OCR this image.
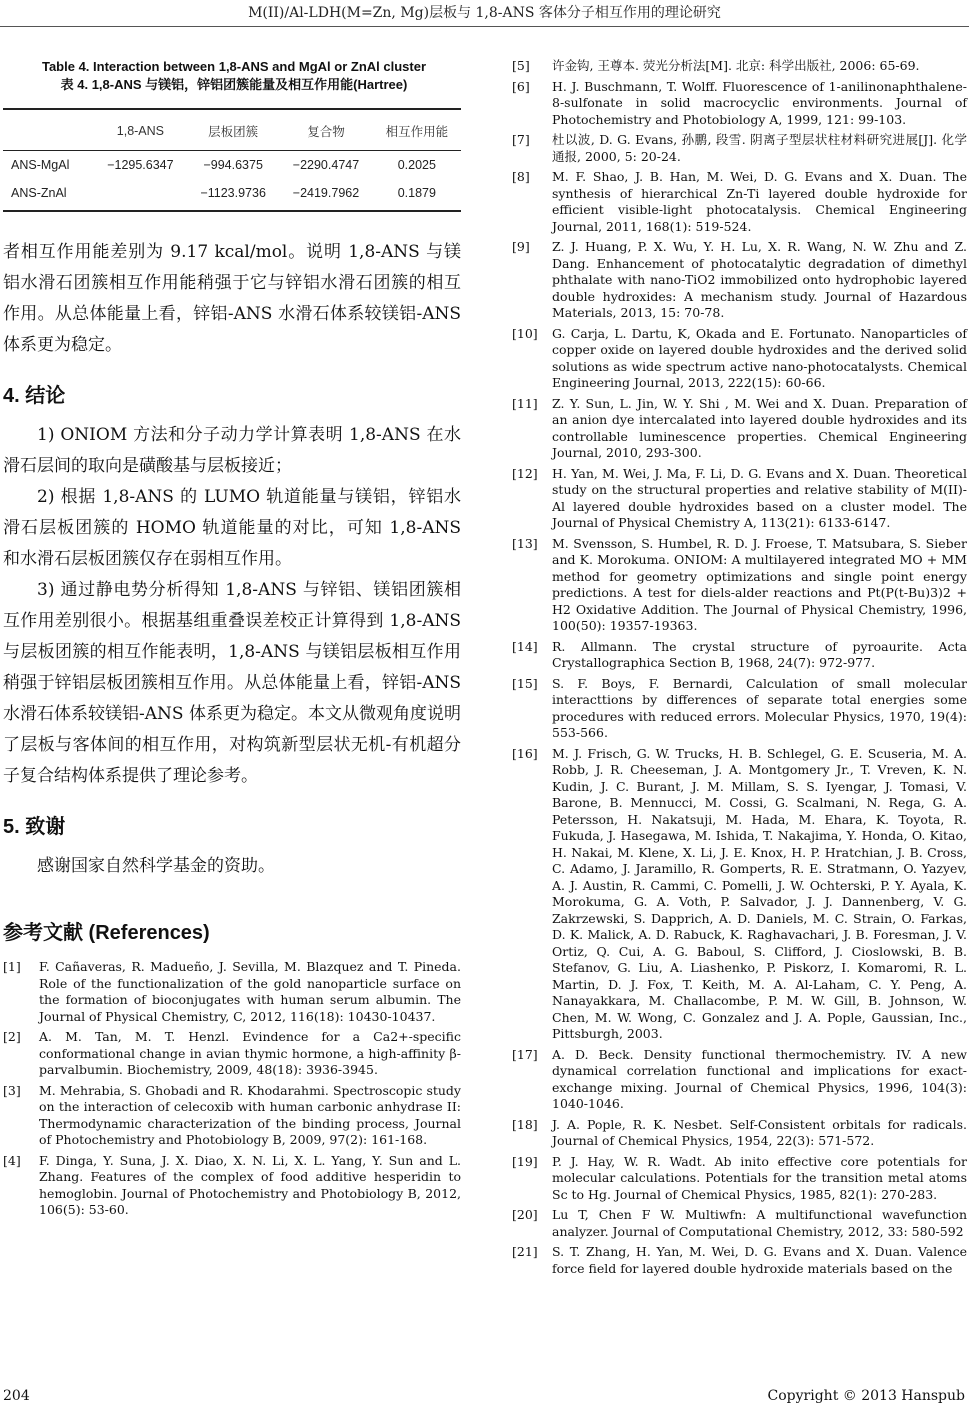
M(II)/Al-LDH(M=Zn, Mg)层板与 1,8-ANS 客体分子相互作用的理论研究
Table 4. Interaction between 1,8-ANS and MgAl or ZnAl cluster
表 4. 1,8-ANS 与镁铝，锌铝团簇能量及相互作用能(Hartree)
	1,8-ANS	层板团簇	复合物	相互作用能
ANS-MgAl	−1295.6347	−994.6375	−2290.4747	0.2025
ANS-ZnAl		−1123.9736	−2419.7962	0.1879

者相互作用能差别为 9.17 kcal/mol。说明 1,8-ANS 与镁铝水滑石团簇相互作用能稍强于它与锌铝水滑石团簇的相互作用。从总体能量上看，锌铝-ANS 水滑石体系较镁铝-ANS 体系更为稳定。

4. 结论

1) ONIOM 方法和分子动力学计算表明 1,8-ANS 在水滑石层间的取向是磺酸基与层板接近；

2) 根据 1,8-ANS 的 LUMO 轨道能量与镁铝，锌铝水滑石层板团簇的 HOMO 轨道能量的对比，可知 1,8-ANS 和水滑石层板团簇仅存在弱相互作用。

3) 通过静电势分析得知 1,8-ANS 与锌铝、镁铝团簇相互作用差别很小。根据基组重叠误差校正计算得到 1,8-ANS 与层板团簇的相互作能表明，1,8-ANS 与镁铝层板相互作用稍强于锌铝层板团簇相互作用。从总体能量上看，锌铝-ANS 水滑石体系较镁铝-ANS 体系更为稳定。本文从微观角度说明了层板与客体间的相互作用，对构筑新型层状无机-有机超分子复合结构体系提供了理论参考。

5. 致谢

感谢国家自然科学基金的资助。

参考文献 (References)
[1]	F. Cañaveras, R. Madueño, J. Sevilla, M. Blazquez and T. Pineda. Role of the functionalization of the gold nanoparticle surface on the formation of bioconjugates with human serum albumin. The Journal of Physical Chemistry, C, 2012, 116(18): 10430-10437.
[2]	A. M. Tan, M. T. Henzl. Evindence for a Ca2+-specific conformational change in avian thymic hormone, a high-affinity β-parvalbumin. Biochemistry, 2009, 48(18): 3936-3945.
[3]	M. Mehrabia, S. Ghobadi and R. Khodarahmi. Spectroscopic study on the interaction of celecoxib with human carbonic anhydrase II: Thermodynamic characterization of the binding process, Journal of Photochemistry and Photobiology B, 2009, 97(2): 161-168.
[4]	F. Dinga, Y. Suna, J. X. Diao, X. N. Li, X. L. Yang, Y. Sun and L. Zhang. Features of the complex of food additive hesperidin to hemoglobin. Journal of Photochemistry and Photobiology B, 2012, 106(5): 53-60.
[5]	许金钩, 王尊本. 荧光分析法[M]. 北京: 科学出版社, 2006: 65-69.
[6]	H. J. Buschmann, T. Wolff. Fluorescence of 1-anilinonaphthalene-8-sulfonate in solid macrocyclic environments. Journal of Photochemistry and Photobiology A, 1999, 121: 99-103.
[7]	杜以波, D. G. Evans, 孙鹏, 段雪. 阴离子型层状柱材料研究进展[J]. 化学通报, 2000, 5: 20-24.
[8]	M. F. Shao, J. B. Han, M. Wei, D. G. Evans and X. Duan. The synthesis of hierarchical Zn-Ti layered double hydroxide for efficient visible-light photocatalysis. Chemical Engineering Journal, 2011, 168(1): 519-524.
[9]	Z. J. Huang, P. X. Wu, Y. H. Lu, X. R. Wang, N. W. Zhu and Z. Dang. Enhancement of photocatalytic degradation of dimethyl phthalate with nano-TiO2 immobilized onto hydrophobic layered double hydroxides: A mechanism study. Journal of Hazardous Materials, 2013, 15: 70-78.
[10]	G. Carja, L. Dartu, K, Okada and E. Fortunato. Nanoparticles of copper oxide on layered double hydroxides and the derived solid solutions as wide spectrum active nano-photocatalysts. Chemical Engineering Journal, 2013, 222(15): 60-66.
[11]	Z. Y. Sun, L. Jin, W. Y. Shi , M. Wei and X. Duan. Preparation of an anion dye intercalated into layered double hydroxides and its controllable luminescence properties. Chemical Engineering Journal, 2010, 293-300.
[12]	H. Yan, M. Wei, J. Ma, F. Li, D. G. Evans and X. Duan. Theoretical study on the structural properties and relative stability of M(II)-Al layered double hydroxides based on a cluster model. The Journal of Physical Chemistry A, 113(21): 6133-6147.
[13]	M. Svensson, S. Humbel, R. D. J. Froese, T. Matsubara, S. Sieber and K. Morokuma. ONIOM: A multilayered integrated MO + MM method for geometry optimizations and single point energy predictions. A test for diels-alder reactions and Pt(P(t-Bu)3)2 + H2 Oxidative Addition. The Journal of Physical Chemistry, 1996, 100(50): 19357-19363.
[14]	R. Allmann. The crystal structure of pyroaurite. Acta Crystallographica Section B, 1968, 24(7): 972-977.
[15]	S. F. Boys, F. Bernardi, Calculation of small molecular interacttions by differences of separate total energies some procedures with reduced errors. Molecular Physics, 1970, 19(4): 553-566.
[16]	M. J. Frisch, G. W. Trucks, H. B. Schlegel, G. E. Scuseria, M. A. Robb, J. R. Cheeseman, J. A. Montgomery Jr., T. Vreven, K. N. Kudin, J. C. Burant, J. M. Millam, S. S. Iyengar, J. Tomasi, V. Barone, B. Mennucci, M. Cossi, G. Scalmani, N. Rega, G. A. Petersson, H. Nakatsuji, M. Hada, M. Ehara, K. Toyota, R. Fukuda, J. Hasegawa, M. Ishida, T. Nakajima, Y. Honda, O. Kitao, H. Nakai, M. Klene, X. Li, J. E. Knox, H. P. Hratchian, J. B. Cross, C. Adamo, J. Jaramillo, R. Gomperts, R. E. Stratmann, O. Yazyev, A. J. Austin, R. Cammi, C. Pomelli, J. W. Ochterski, P. Y. Ayala, K. Morokuma, G. A. Voth, P. Salvador, J. J. Dannenberg, V. G. Zakrzewski, S. Dapprich, A. D. Daniels, M. C. Strain, O. Farkas, D. K. Malick, A. D. Rabuck, K. Raghavachari, J. B. Foresman, J. V. Ortiz, Q. Cui, A. G. Baboul, S. Clifford, J. Cioslowski, B. B. Stefanov, G. Liu, A. Liashenko, P. Piskorz, I. Komaromi, R. L. Martin, D. J. Fox, T. Keith, M. A. Al-Laham, C. Y. Peng, A. Nanayakkara, M. Challacombe, P. M. W. Gill, B. Johnson, W. Chen, M. W. Wong, C. Gonzalez and J. A. Pople, Gaussian, Inc., Pittsburgh, 2003.
[17]	A. D. Beck. Density functional thermochemistry. IV. A new dynamical correlation functional and implications for exact-exchange mixing. Journal of Chemical Physics, 1996, 104(3): 1040-1046.
[18]	J. A. Pople, R. K. Nesbet. Self-Consistent orbitals for radicals. Journal of Chemical Physics, 1954, 22(3): 571-572.
[19]	P. J. Hay, W. R. Wadt. Ab inito effective core potentials for molecular calculations. Potentials for the transition metal atoms Sc to Hg. Journal of Chemical Physics, 1985, 82(1): 270-283.
[20]	Lu T, Chen F W. Multiwfn: A multifunctional wavefunction analyzer. Journal of Computational Chemistry, 2012, 33: 580-592
[21]	S. T. Zhang, H. Yan, M. Wei, D. G. Evans and X. Duan. Valence force field for layered double hydroxide materials based on the
204	Copyright © 2013 Hanspub
